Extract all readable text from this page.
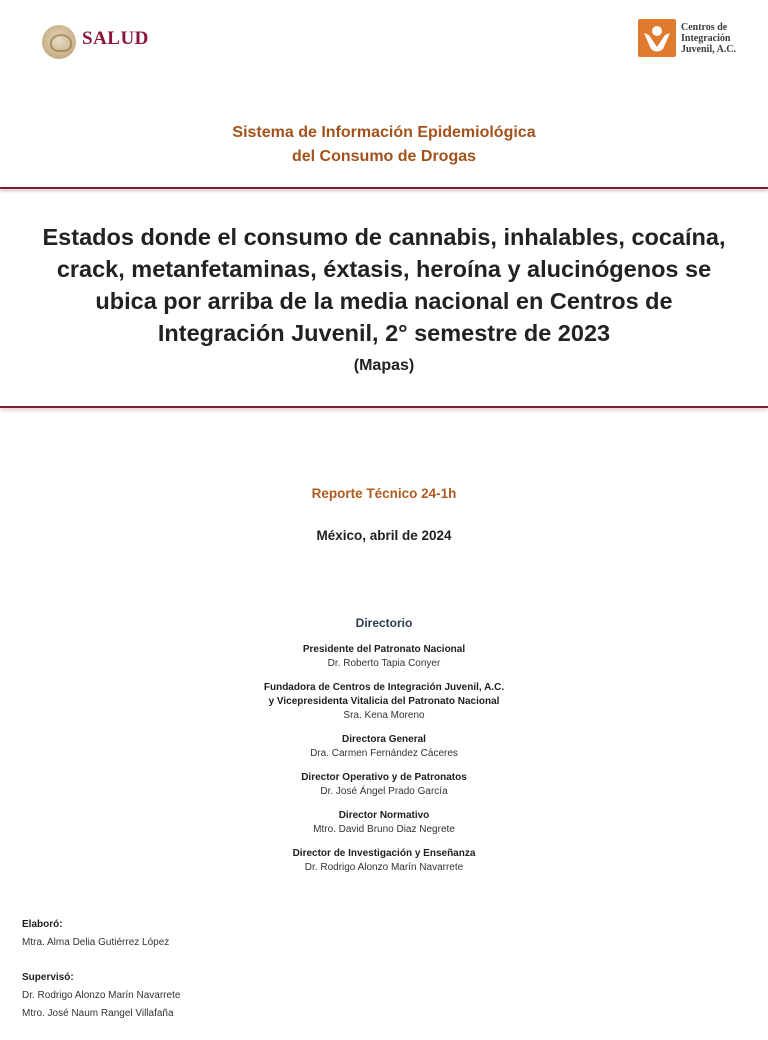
SALUD
Centros de
Integración
Juvenil, A.C.
Sistema de Información Epidemiológica
del Consumo de Drogas
Estados donde el consumo de cannabis, inhalables, cocaína,
crack, metanfetaminas, éxtasis, heroína y alucinógenos se
ubica por arriba de la media nacional en Centros de
Integración Juvenil, 2° semestre de 2023
(Mapas)
Reporte Técnico 24-1h
México, abril de 2024
Directorio
Presidente del Patronato Nacional
Dr. Roberto Tapia Conyer
Fundadora de Centros de Integración Juvenil, A.C.
y Vicepresidenta Vitalicia del Patronato Nacional
Sra. Kena Moreno
Directora General
Dra. Carmen Fernández Cáceres
Director Operativo y de Patronatos
Dr. José Ángel Prado García
Director Normativo
Mtro. David Bruno Diaz Negrete
Director de Investigación y Enseñanza
Dr. Rodrigo Alonzo Marín Navarrete
Elaboró:
Mtra. Alma Delia Gutiérrez López
Supervisó:
Dr. Rodrigo Alonzo Marín Navarrete
Mtro. José Naum Rangel Villafaña
